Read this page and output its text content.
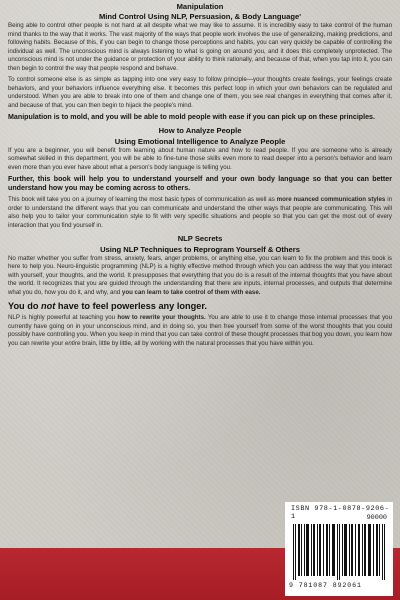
Manipulation
Mind Control Using NLP, Persuasion, & Body Language'

Being able to control other people is not hard at all despite what we may like to assume. It is incredibly easy to take control of the human mind thanks to the way that it works. The vast majority of the ways that people work involves the use of generalizing, making predictions, and following habits. Because of this, if you can begin to change those perceptions and habits, you can very quickly be capable of controlling the individual as well. The unconscious mind is always listening to what is going on around you, and it does this completely unprotected. The unconscious mind is not under the guidance or protection of your ability to think rationally, and because of that, when you tap into it, you can then begin to control the way that people respond and behave.

To control someone else is as simple as tapping into one very easy to follow principle—your thoughts create feelings, your feelings create behaviors, and your behaviors influence everything else. It becomes this perfect loop in which your own behaviors can be regulated and understood. When you are able to break into one of them and change one of them, you see real changes in everything that comes after it, and because of that, you can then begin to hijack the people's mind.

Manipulation is to mold, and you will be able to mold people with ease if you can pick up on these principles.

How to Analyze People
Using Emotional Intelligence to Analyze People

If you are a beginner, you will benefit from learning about human nature and how to read people. If you are someone who is already somewhat skilled in this department, you will be able to fine-tune those skills even more to read deeper into a person's behavior and learn even more than you ever have about what a person's body language is telling you.

Further, this book will help you to understand yourself and your own body language so that you can better understand how you may be coming across to others.

This book will take you on a journey of learning the most basic types of communication as well as more nuanced communication styles in order to understand the different ways that you can communicate and understand the other ways that people are communicating. This will also help you to tailor your communication style to fit with very specific situations and people so that you can get the most out of every interaction that you find yourself in.

NLP Secrets
Using NLP Techniques to Reprogram Yourself & Others

No matter whether you suffer from stress, anxiety, fears, anger problems, or anything else, you can learn to fix the problem and this book is here to help you. Neuro-linguistic programming (NLP) is a highly effective method through which you can address the way that you interact with yourself, your thoughts, and the world. It presupposes that everything that you do is a result of the internal thoughts that you have about the world. It recognizes that you are guided through the understanding that there are inputs, internal processes, and outputs that determine what you do, how you do it, and why, and you can learn to take control of them with ease.

You do not have to feel powerless any longer.

NLP is highly powerful at teaching you how to rewrite your thoughts. You are able to use it to change those internal processes that you currently have going on in your unconscious mind, and in doing so, you then free yourself from some of the worst thoughts that you could possibly have controlling you. When you keep in mind that you can take control of these thought processes that bog you down, you learn how you can rewrite your entire brain, little by little, all by working with the natural processes that you have within you.

ISBN 978-1-0878-9206-1	90000
9 781087 892061
